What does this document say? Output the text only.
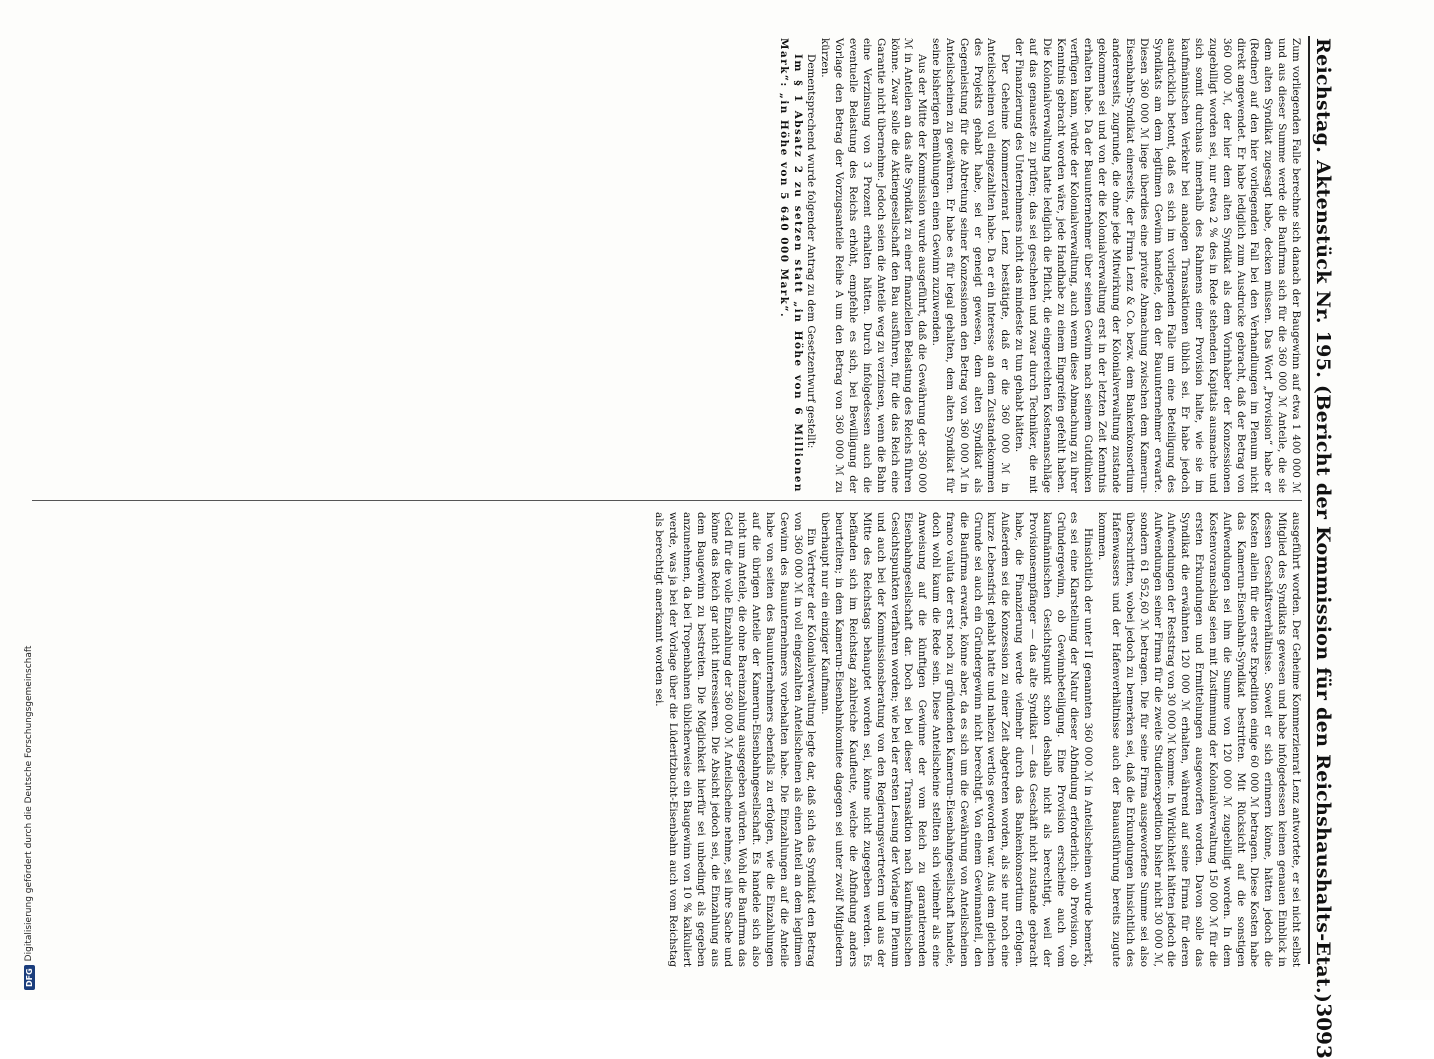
Reichstag. Aktenstück Nr. 195. (Bericht der Kommission für den Reichshaushalts-Etat.)
3093

Zum vorliegenden Falle berechne sich danach der Baugewinn auf etwa 1 400 000 ℳ und aus dieser Summe werde die Baufirma sich für die 360 000 ℳ Anteile, die sie dem alten Syndikat zugesagt habe, decken müssen. Das Wort „Provision“ habe er (Redner) auf den hier vorliegenden Fall bei den Verhandlungen im Plenum nicht direkt angewendet. Er habe lediglich zum Ausdrucke gebracht, daß der Betrag von 360 000 ℳ, der hier dem alten Syndikat als dem Vorinhaber der Konzessionen zugebilligt worden sei, nur etwa 2 % des in Rede stehenden Kapitals ausmache und sich somit durchaus innerhalb des Rahmens einer Provision halte, wie sie im kaufmännischen Verkehr bei analogen Transaktionen üblich sei. Er habe jedoch ausdrücklich betont, daß es sich im vorliegenden Falle um eine Beteiligung des Syndikats am dem legitimen Gewinn handele, den der Bauunternehmer erwarte. Diesen 360 000 ℳ liege überdies eine private Abmachung zwischen dem Kamerun-Eisenbahn-Syndikat einerseits, der Firma Lenz & Co. bezw. dem Bankenkonsortium andererseits, zugrunde, die ohne jede Mitwirkung der Kolonialverwaltung zustande gekommen sei und von der die Kolonialverwaltung erst in der letzten Zeit Kenntnis erhalten habe. Da der Bauunternehmer über seinen Gewinn nach seinem Gutdünken verfügen kann, würde der Kolonialverwaltung, auch wenn diese Abmachung zu ihrer Kenntnis gebracht worden wäre, jede Handhabe zu einem Eingreifen gefehlt haben. Die Kolonialverwaltung hatte lediglich die Pflicht, die eingereichten Kostenanschläge auf das genaueste zu prüfen; das sei geschehen und zwar durch Techniker, die mit der Finanzierung des Unternehmens nicht das mindeste zu tun gehabt hätten.

Der Geheime Kommerzienrat Lenz bestätigte, daß er die 360 000 ℳ in Anteilscheinen voll eingezahlten habe. Da er ein Interesse an dem Zustandekommen des Projekts gehabt habe, sei er geneigt gewesen, dem alten Syndikat als Gegenleistung für die Abtretung seiner Konzessionen den Betrag von 360 000 ℳ in Anteilscheinen zu gewähren. Er habe es für legal gehalten, dem alten Syndikat für seine bisherigen Bemühungen einen Gewinn zuzuwenden.

Aus der Mitte der Kommission wurde ausgeführt, daß die Gewährung der 360 000 ℳ in Anteilen an das alte Syndikat zu einer finanziellen Belastung des Reichs führen könne. Zwar solle die Aktiengesellschaft den Bau ausführen, für die das Reich eine Garantie nicht übernehme. Jedoch seien die Anteile weg zu verzinsen, wenn die Bahn eine Verzinsung von 3 Prozent erhalten hätten. Durch infolgedessen auch die eventuelle Belastung des Reichs erhöht, empfehle es sich, bei Bewilligung der Vorlage den Betrag der Vorzugsanteile Reihe A um den Betrag von 360 000 ℳ zu kürzen.

Dementsprechend wurde folgender Antrag zu dem Gesetzentwurf gestellt:

Im § 1 Absatz 2 zu setzen statt „in Höhe von 6 Millionen Mark“: „in Höhe von 5 640 000 Mark“.

ausgeführt worden. Der Geheime Kommerzienrat Lenz antwortete, er sei nicht selbst Mitglied des Syndikats gewesen und habe infolgedessen keinen genauen Einblick in dessen Geschäftsverhältnisse. Soweit er sich erinnern könne, hätten jedoch die Kosten allein für die erste Expedition einige 60 000 ℳ betragen. Diese Kosten habe das Kamerun-Eisenbahn-Syndikat bestritten. Mit Rücksicht auf die sonstigen Aufwendungen sei ihm die Summe von 120 000 ℳ zugebilligt worden. In dem Kostenvoranschlag seien mit Zustimmung der Kolonialverwaltung 150 000 ℳ für die ersten Erkundungen und Ermittelungen ausgeworfen worden. Davon solle das Syndikat die erwähnten 120 000 ℳ erhalten, während auf seine Firma für deren Aufwendungen der Reststrag von 30 000 ℳ komme. In Wirklichkeit hätten jedoch die Aufwendungen seiner Firma für die zweite Studienexpedition bisher nicht 30 000 ℳ, sondern 61 952,60 ℳ betragen. Die für seine Firma ausgeworfene Summe sei also überschritten, wobei jedoch zu bemerken sei, daß die Erkundungen hinsichtlich des Hafenwassers und der Hafenverhältnisse auch der Bauausführung bereits zugute kommen.

Hinsichtlich der unter II genannten 360 000 ℳ in Anteilscheinen wurde bemerkt, es sei eine Klarstellung der Natur dieser Abfindung erforderlich: ob Provision, ob Gründergewinn, ob Gewinnbeteiligung. Eine Provision erscheine auch vom kaufmännischen Gesichtspunkt schon deshalb nicht als berechtigt, weil der Provisionsempfänger — das alte Syndikat — das Geschäft nicht zustande gebracht habe, die Finanzierung werde vielmehr durch das Bankenkonsortium erfolgen. Außerdem sei die Konzession zu einer Zeit abgetreten worden, als sie nur noch eine kurze Lebensfrist gehabt hatte und nahezu wertlos geworden war. Aus dem gleichen Grunde sei auch ein Gründergewinn nicht berechtigt. Von einem Gewinnanteil, den die Baufirma erwarte, könne aber, da es sich um die Gewährung von Anteilscheinen franco valuta der erst noch zu gründenden Kamerun-Eisenbahngesellschaft handele, doch wohl kaum die Rede sein. Diese Anteilscheine stellten sich vielmehr als eine Anweisung auf die künftigen Gewinne der vom Reich zu garantierenden Eisenbahngesellschaft dar. Doch sei bei dieser Transaktion nach kaufmännischen Gesichtspunkten verfahren worden; wie bei der ersten Lesung der Vorlage im Plenum und auch bei der Kommissionsberatung von den Regierungsvertretern und aus der Mitte des Reichstags behauptet worden sei, könne nicht zugegeben werden. Es befänden sich im Reichstag zahlreiche Kaufleute, welche die Abfindung anders beurteilten; in dem Kamerun-Eisenbahnkomitee dagegen sei unter zwölf Mitgliedern überhaupt nur ein einziger Kaufmann.

Ein Vertreter der Kolonialverwaltung legte dar, daß sich das Syndikat den Betrag von 360 000 ℳ in voll eingezahlten Anteilscheinen als einen Anteil an dem legitimen Gewinn des Bauunternehmers vorbehalten habe. Die Einzahlungen auf die Anteile habe von seiten des Bauunternehmers ebenfalls zu erfolgen, wie die Einzahlungen auf die übrigen Anteile der Kamerun-Eisenbahngesellschaft. Es handele sich also nicht um Anteile, die ohne Bareinzahlung ausgegeben würden. Wohl die Baufirma das Geld für die volle Einzahlung der 360 000 ℳ Anteilscheine nehme, sei ihre Sache und könne das Reich gar nicht interessieren. Die Absicht jedoch sei, die Einzahlung aus dem Baugewinn zu bestreiten. Die Möglichkeit hierfür sei unbedingt als gegeben anzunehmen, da bei Tropenbahnen üblicherweise ein Baugewinn von 10 % kalkuliert werde, was ja bei der Vorlage über die Lüderitzbucht-Eisenbahn auch vom Reichstag als berechtigt anerkannt worden sei.

DFG
Digitalisierung gefördert durch die Deutsche Forschungsgemeinschaft
